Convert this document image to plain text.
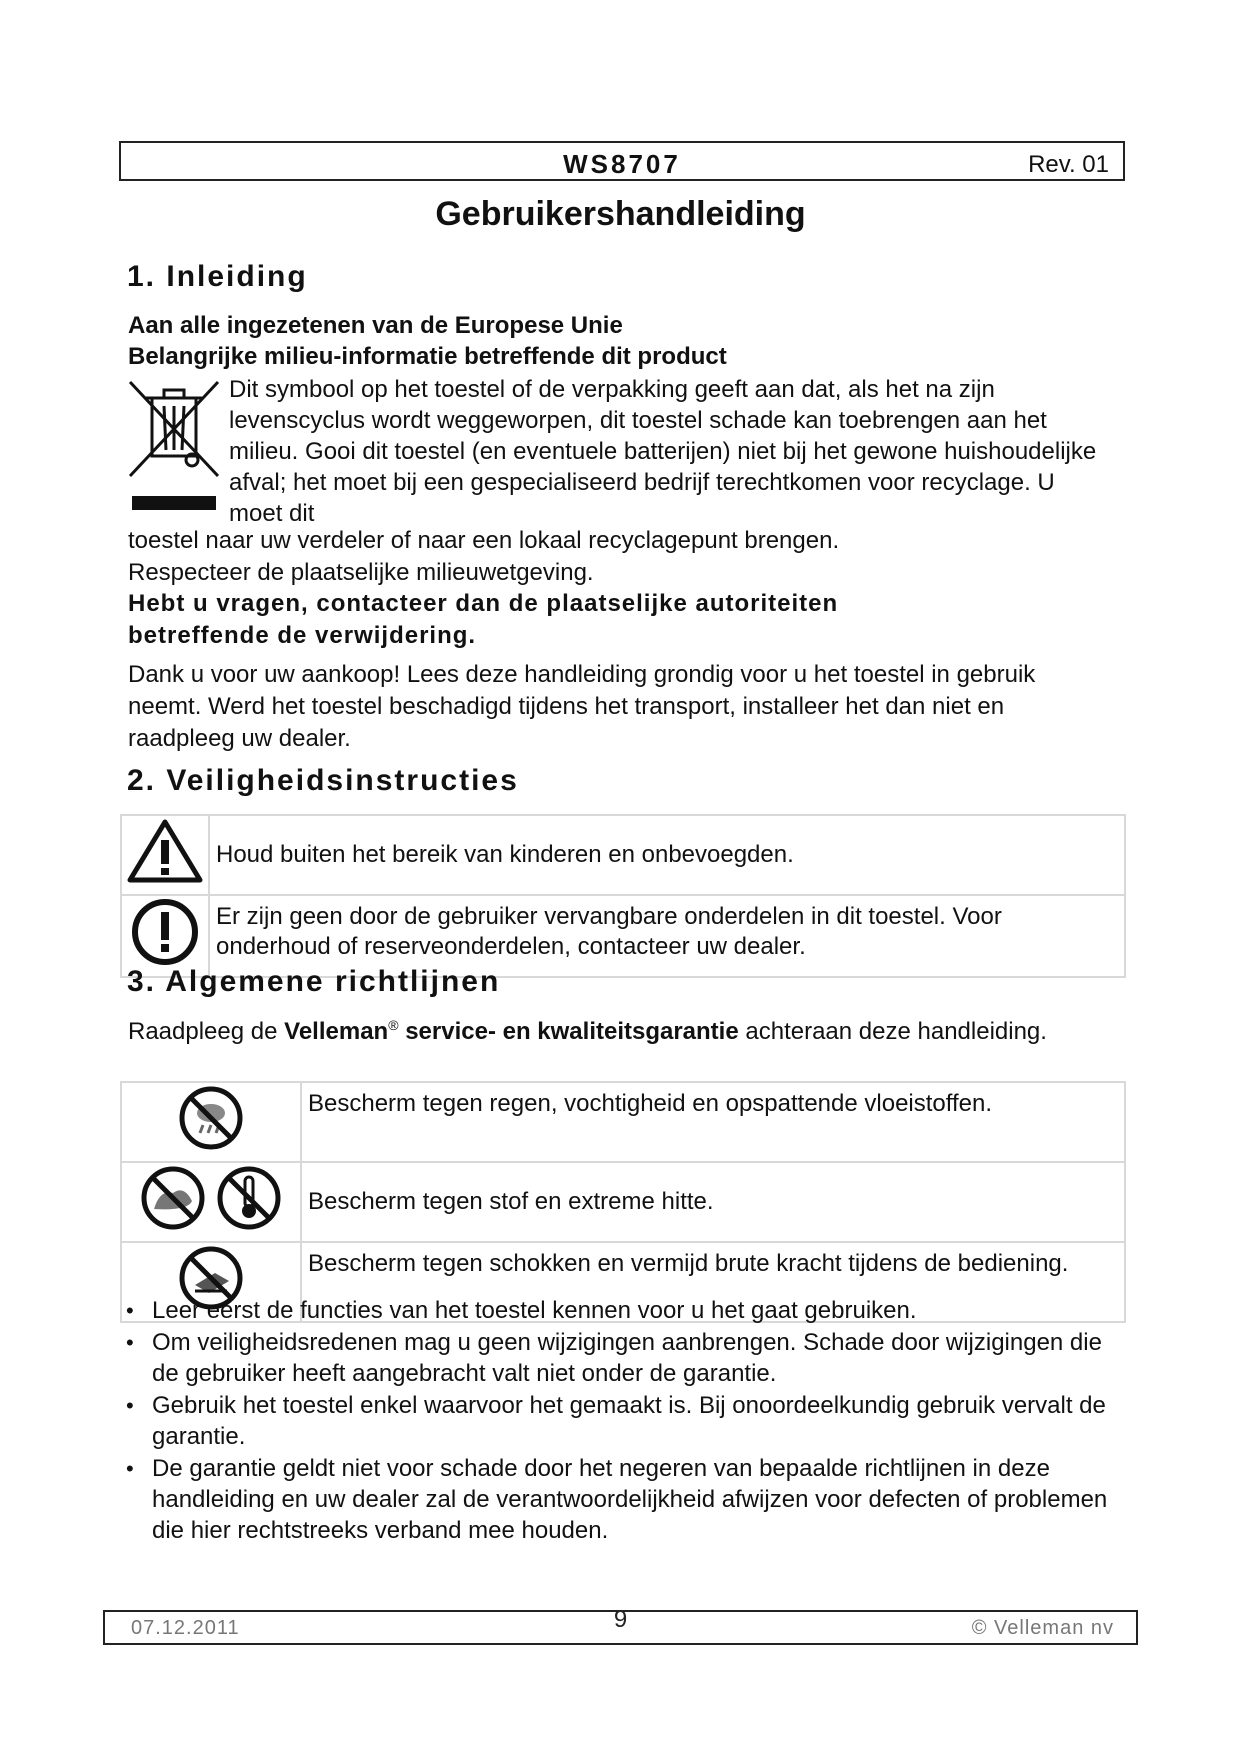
WS8707	Rev. 01
Gebruikershandleiding
1. Inleiding
Aan alle ingezetenen van de Europese Unie
Belangrijke milieu-informatie betreffende dit product
Dit symbool op het toestel of de verpakking geeft aan dat, als het na zijn levenscyclus wordt weggeworpen, dit toestel schade kan toebrengen aan het milieu. Gooi dit toestel (en eventuele batterijen) niet bij het gewone huishoudelijke afval; het moet bij een gespecialiseerd bedrijf terechtkomen voor recyclage. U moet dit
toestel naar uw verdeler of naar een lokaal recyclagepunt brengen.
Respecteer de plaatselijke milieuwetgeving.
Hebt u vragen, contacteer dan de plaatselijke autoriteiten
betreffende de verwijdering.
Dank u voor uw aankoop! Lees deze handleiding grondig voor u het toestel in gebruik neemt. Werd het toestel beschadigd tijdens het transport, installeer het dan niet en raadpleeg uw dealer.
2. Veiligheidsinstructies
	Houd buiten het bereik van kinderen en onbevoegden.
	Er zijn geen door de gebruiker vervangbare onderdelen in dit toestel. Voor onderhoud of reserveonderdelen, contacteer uw dealer.
3. Algemene richtlijnen
Raadpleeg de Velleman® service- en kwaliteitsgarantie achteraan deze handleiding.
	Bescherm tegen regen, vochtigheid en opspattende vloeistoffen.
	Bescherm tegen stof en extreme hitte.
	Bescherm tegen schokken en vermijd brute kracht tijdens de bediening.
• Leer eerst de functies van het toestel kennen voor u het gaat gebruiken.
• Om veiligheidsredenen mag u geen wijzigingen aanbrengen. Schade door wijzigingen die de gebruiker heeft aangebracht valt niet onder de garantie.
• Gebruik het toestel enkel waarvoor het gemaakt is. Bij onoordeelkundig gebruik vervalt de garantie.
• De garantie geldt niet voor schade door het negeren van bepaalde richtlijnen in deze handleiding en uw dealer zal de verantwoordelijkheid afwijzen voor defecten of problemen die hier rechtstreeks verband mee houden.
07.12.2011	9	© Velleman nv
